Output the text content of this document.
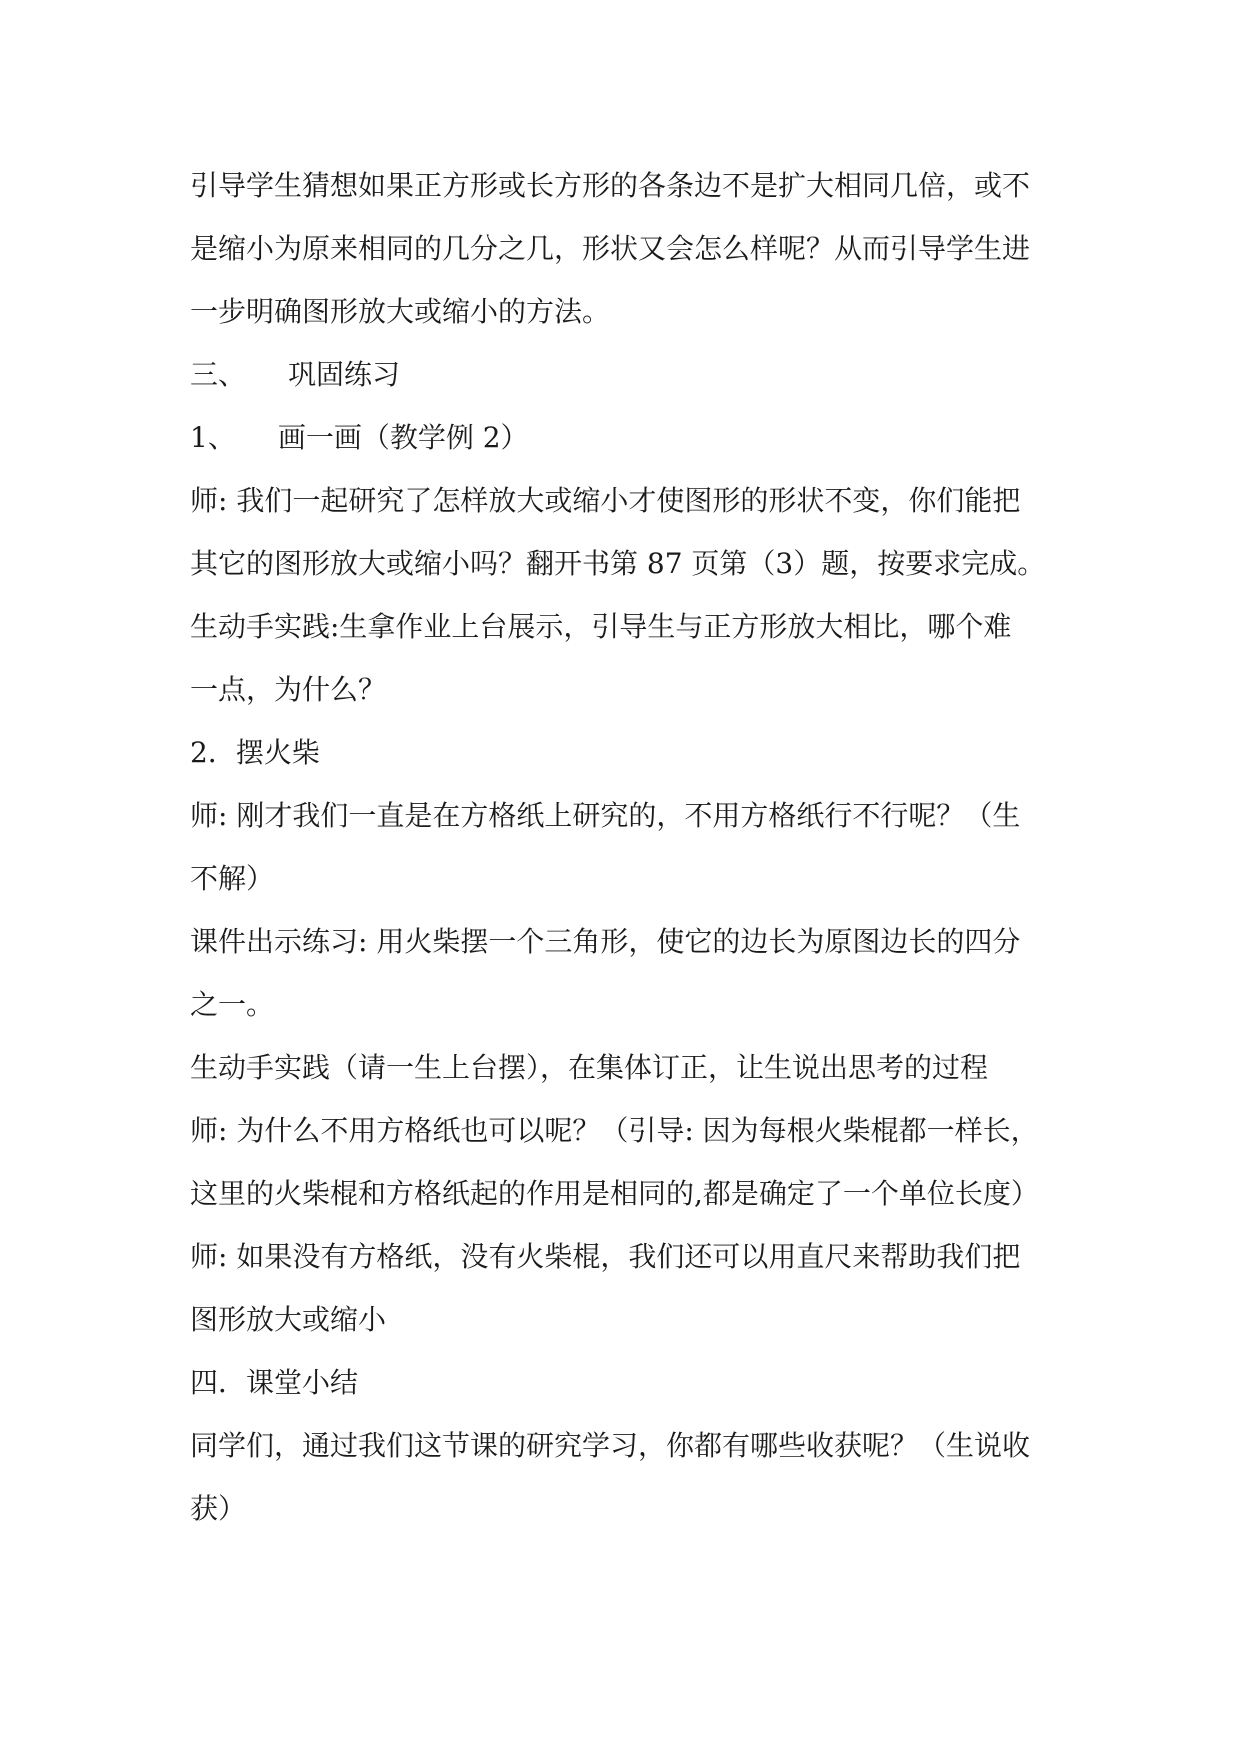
引导学生猜想如果正方形或长方形的各条边不是扩大相同几倍，或不
是缩小为原来相同的几分之几，形状又会怎么样呢？从而引导学生进
一步明确图形放大或缩小的方法。
三、　　巩固练习
1、　　画一画（教学例 2）
师: 我们一起研究了怎样放大或缩小才使图形的形状不变，你们能把
其它的图形放大或缩小吗？翻开书第 87 页第（3）题，按要求完成。
生动手实践:生拿作业上台展示，引导生与正方形放大相比，哪个难
一点，为什么？
2．摆火柴
师: 刚才我们一直是在方格纸上研究的，不用方格纸行不行呢？（生
不解）
课件出示练习: 用火柴摆一个三角形，使它的边长为原图边长的四分
之一。
生动手实践（请一生上台摆），在集体订正，让生说出思考的过程
师: 为什么不用方格纸也可以呢？（引导: 因为每根火柴棍都一样长，
这里的火柴棍和方格纸起的作用是相同的,都是确定了一个单位长度）
师: 如果没有方格纸，没有火柴棍，我们还可以用直尺来帮助我们把
图形放大或缩小
四．课堂小结
同学们，通过我们这节课的研究学习，你都有哪些收获呢？（生说收
获）
